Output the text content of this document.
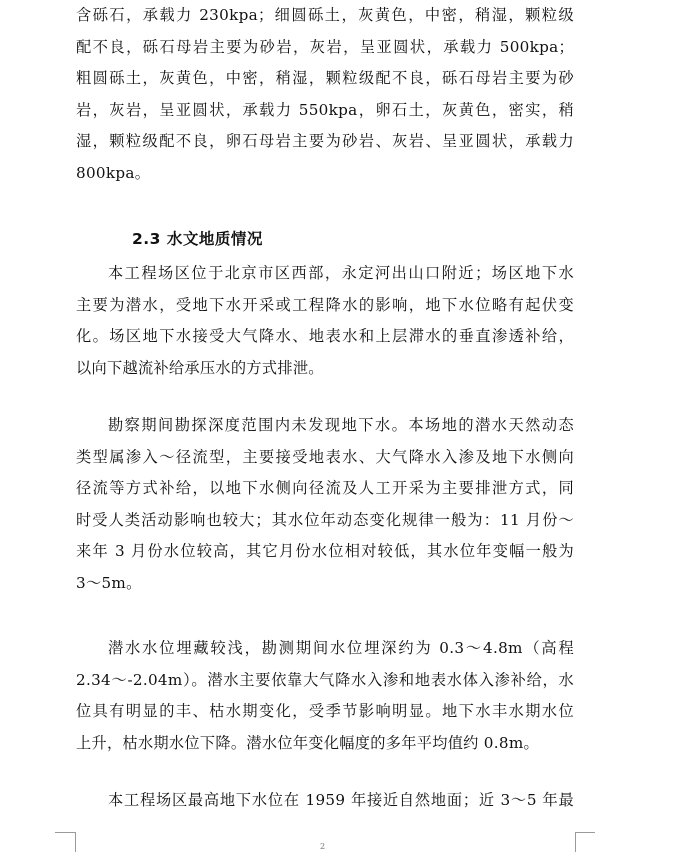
含砾石，承载力 230kpa；细圆砾土，灰黄色，中密，稍湿，颗粒级
配不良，砾石母岩主要为砂岩，灰岩，呈亚圆状，承载力 500kpa；
粗圆砾土，灰黄色，中密，稍湿，颗粒级配不良，砾石母岩主要为砂
岩，灰岩，呈亚圆状，承载力 550kpa，卵石土，灰黄色，密实，稍
湿，颗粒级配不良，卵石母岩主要为砂岩、灰岩、呈亚圆状，承载力
800kpa。
2.3 水文地质情况
本工程场区位于北京市区西部，永定河出山口附近；场区地下水
主要为潜水，受地下水开采或工程降水的影响，地下水位略有起伏变
化。场区地下水接受大气降水、地表水和上层滞水的垂直渗透补给，
以向下越流补给承压水的方式排泄。
勘察期间勘探深度范围内未发现地下水。本场地的潜水天然动态
类型属渗入～径流型，主要接受地表水、大气降水入渗及地下水侧向
径流等方式补给，以地下水侧向径流及人工开采为主要排泄方式，同
时受人类活动影响也较大；其水位年动态变化规律一般为：11 月份～
来年 3 月份水位较高，其它月份水位相对较低，其水位年变幅一般为
3～5m。
潜水水位埋藏较浅，勘测期间水位埋深约为 0.3～4.8m（高程
2.34～-2.04m）。潜水主要依靠大气降水入渗和地表水体入渗补给，水
位具有明显的丰、枯水期变化，受季节影响明显。地下水丰水期水位
上升，枯水期水位下降。潜水位年变化幅度的多年平均值约 0.8m。
本工程场区最高地下水位在 1959 年接近自然地面；近 3～5 年最
2
